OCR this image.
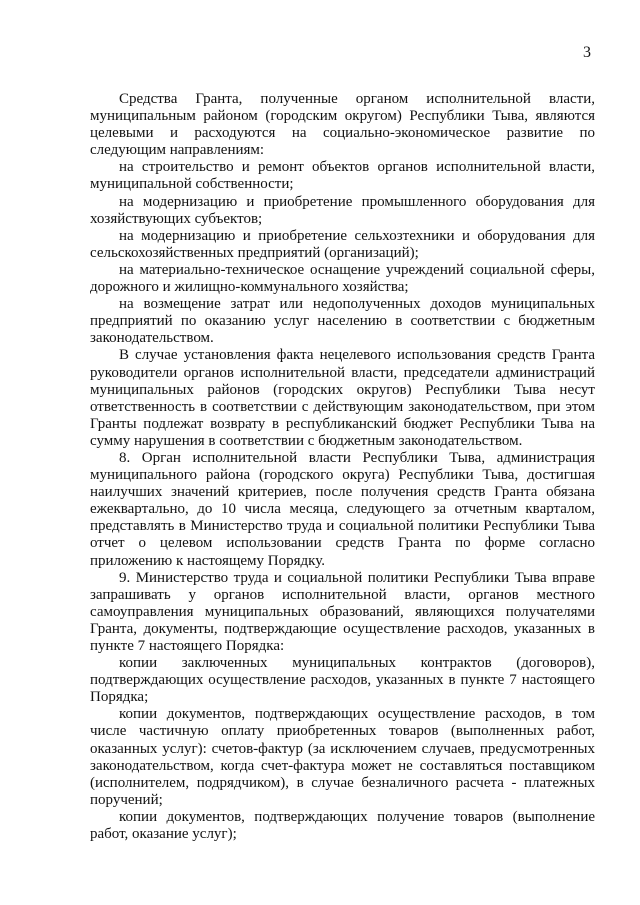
3

Средства Гранта, полученные органом исполнительной власти, муниципальным районом (городским округом) Республики Тыва, являются целевыми и расходуются на социально-экономическое развитие по следующим направлениям:

на строительство и ремонт объектов органов исполнительной власти, муниципальной собственности;

на модернизацию и приобретение промышленного оборудования для хозяйствующих субъектов;

на модернизацию и приобретение сельхозтехники и оборудования для сельскохозяйственных предприятий (организаций);

на материально-техническое оснащение учреждений социальной сферы, дорожного и жилищно-коммунального хозяйства;

на возмещение затрат или недополученных доходов муниципальных предприятий по оказанию услуг населению в соответствии с бюджетным законодательством.

В случае установления факта нецелевого использования средств Гранта руководители органов исполнительной власти, председатели администраций муниципальных районов (городских округов) Республики Тыва несут ответственность в соответствии с действующим законодательством, при этом Гранты подлежат возврату в республиканский бюджет Республики Тыва на сумму нарушения в соответствии с бюджетным законодательством.

8. Орган исполнительной власти Республики Тыва, администрация муниципального района (городского округа) Республики Тыва, достигшая наилучших значений критериев, после получения средств Гранта обязана ежеквартально, до 10 числа месяца, следующего за отчетным кварталом, представлять в Министерство труда и социальной политики Республики Тыва отчет о целевом использовании средств Гранта по форме согласно приложению к настоящему Порядку.

9. Министерство труда и социальной политики Республики Тыва вправе запрашивать у органов исполнительной власти, органов местного самоуправления муниципальных образований, являющихся получателями Гранта, документы, подтверждающие осуществление расходов, указанных в пункте 7 настоящего Порядка:

копии заключенных муниципальных контрактов (договоров), подтверждающих осуществление расходов, указанных в пункте 7 настоящего Порядка;

копии документов, подтверждающих осуществление расходов, в том числе частичную оплату приобретенных товаров (выполненных работ, оказанных услуг): счетов-фактур (за исключением случаев, предусмотренных законодательством, когда счет-фактура может не составляться поставщиком (исполнителем, подрядчиком), в случае безналичного расчета - платежных поручений;

копии документов, подтверждающих получение товаров (выполнение работ, оказание услуг);
